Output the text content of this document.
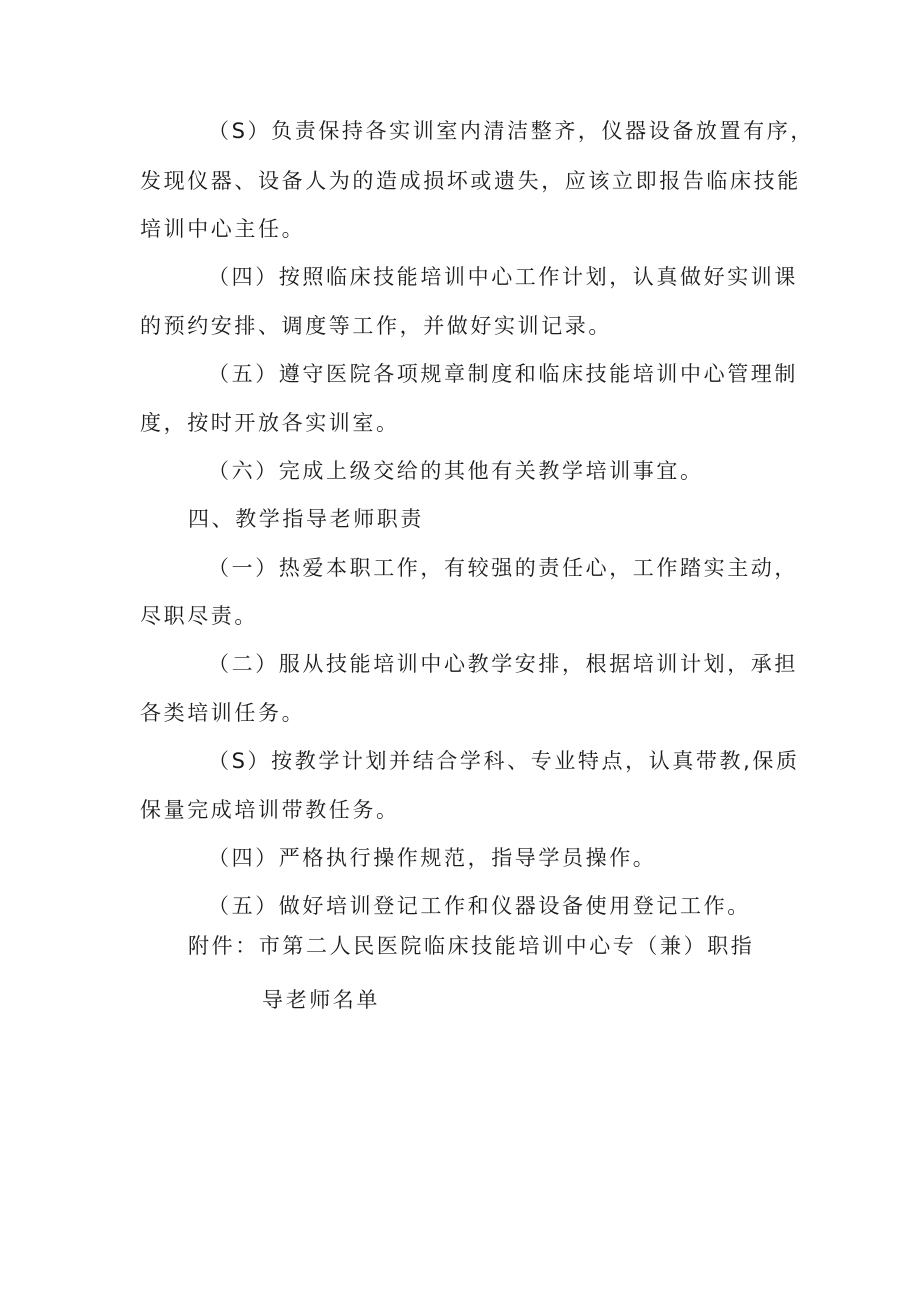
（S）负责保持各实训室内清洁整齐，仪器设备放置有序，
发现仪器、设备人为的造成损坏或遗失，应该立即报告临床技能
培训中心主任。
（四）按照临床技能培训中心工作计划，认真做好实训课
的预约安排、调度等工作，并做好实训记录。
（五）遵守医院各项规章制度和临床技能培训中心管理制
度，按时开放各实训室。
（六）完成上级交给的其他有关教学培训事宜。
四、教学指导老师职责
（一）热爱本职工作，有较强的责任心，工作踏实主动，
尽职尽责。
（二）服从技能培训中心教学安排，根据培训计划，承担
各类培训任务。
（S）按教学计划并结合学科、专业特点，认真带教,保质
保量完成培训带教任务。
（四）严格执行操作规范，指导学员操作。
（五）做好培训登记工作和仪器设备使用登记工作。
附件：市第二人民医院临床技能培训中心专（兼）职指
导老师名单
